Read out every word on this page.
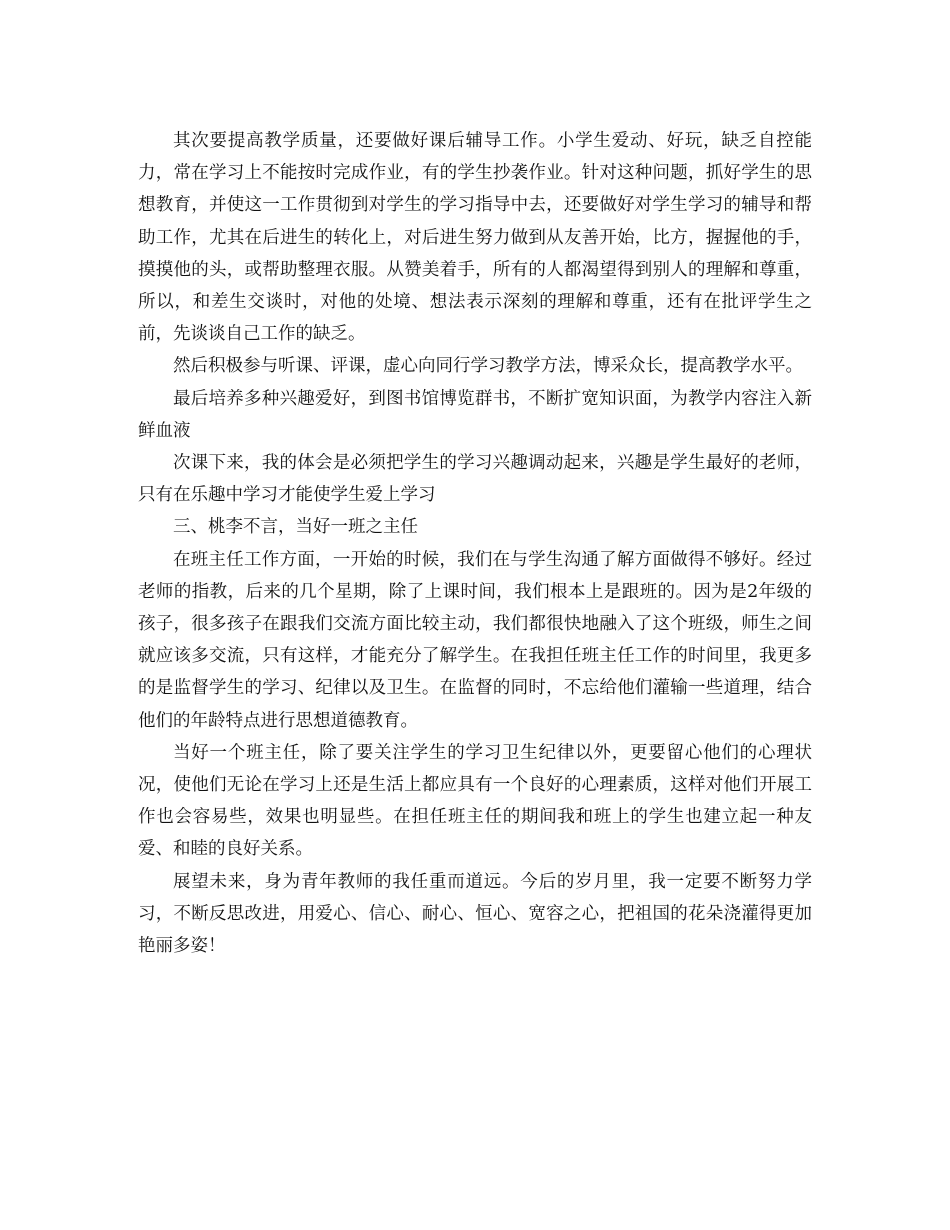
其次要提高教学质量，还要做好课后辅导工作。小学生爱动、好玩，缺乏自控能力，常在学习上不能按时完成作业，有的学生抄袭作业。针对这种问题，抓好学生的思想教育，并使这一工作贯彻到对学生的学习指导中去，还要做好对学生学习的辅导和帮助工作，尤其在后进生的转化上，对后进生努力做到从友善开始，比方，握握他的手，摸摸他的头，或帮助整理衣服。从赞美着手，所有的人都渴望得到别人的理解和尊重，所以，和差生交谈时，对他的处境、想法表示深刻的理解和尊重，还有在批评学生之前，先谈谈自己工作的缺乏。

然后积极参与听课、评课，虚心向同行学习教学方法，博采众长，提高教学水平。

最后培养多种兴趣爱好，到图书馆博览群书，不断扩宽知识面，为教学内容注入新鲜血液

次课下来，我的体会是必须把学生的学习兴趣调动起来，兴趣是学生最好的老师，只有在乐趣中学习才能使学生爱上学习

三、桃李不言，当好一班之主任

在班主任工作方面，一开始的时候，我们在与学生沟通了解方面做得不够好。经过老师的指教，后来的几个星期，除了上课时间，我们根本上是跟班的。因为是2年级的孩子，很多孩子在跟我们交流方面比较主动，我们都很快地融入了这个班级，师生之间就应该多交流，只有这样，才能充分了解学生。在我担任班主任工作的时间里，我更多的是监督学生的学习、纪律以及卫生。在监督的同时，不忘给他们灌输一些道理，结合他们的年龄特点进行思想道德教育。

当好一个班主任，除了要关注学生的学习卫生纪律以外，更要留心他们的心理状况，使他们无论在学习上还是生活上都应具有一个良好的心理素质，这样对他们开展工作也会容易些，效果也明显些。在担任班主任的期间我和班上的学生也建立起一种友爱、和睦的良好关系。

展望未来，身为青年教师的我任重而道远。今后的岁月里，我一定要不断努力学习，不断反思改进，用爱心、信心、耐心、恒心、宽容之心，把祖国的花朵浇灌得更加艳丽多姿！
